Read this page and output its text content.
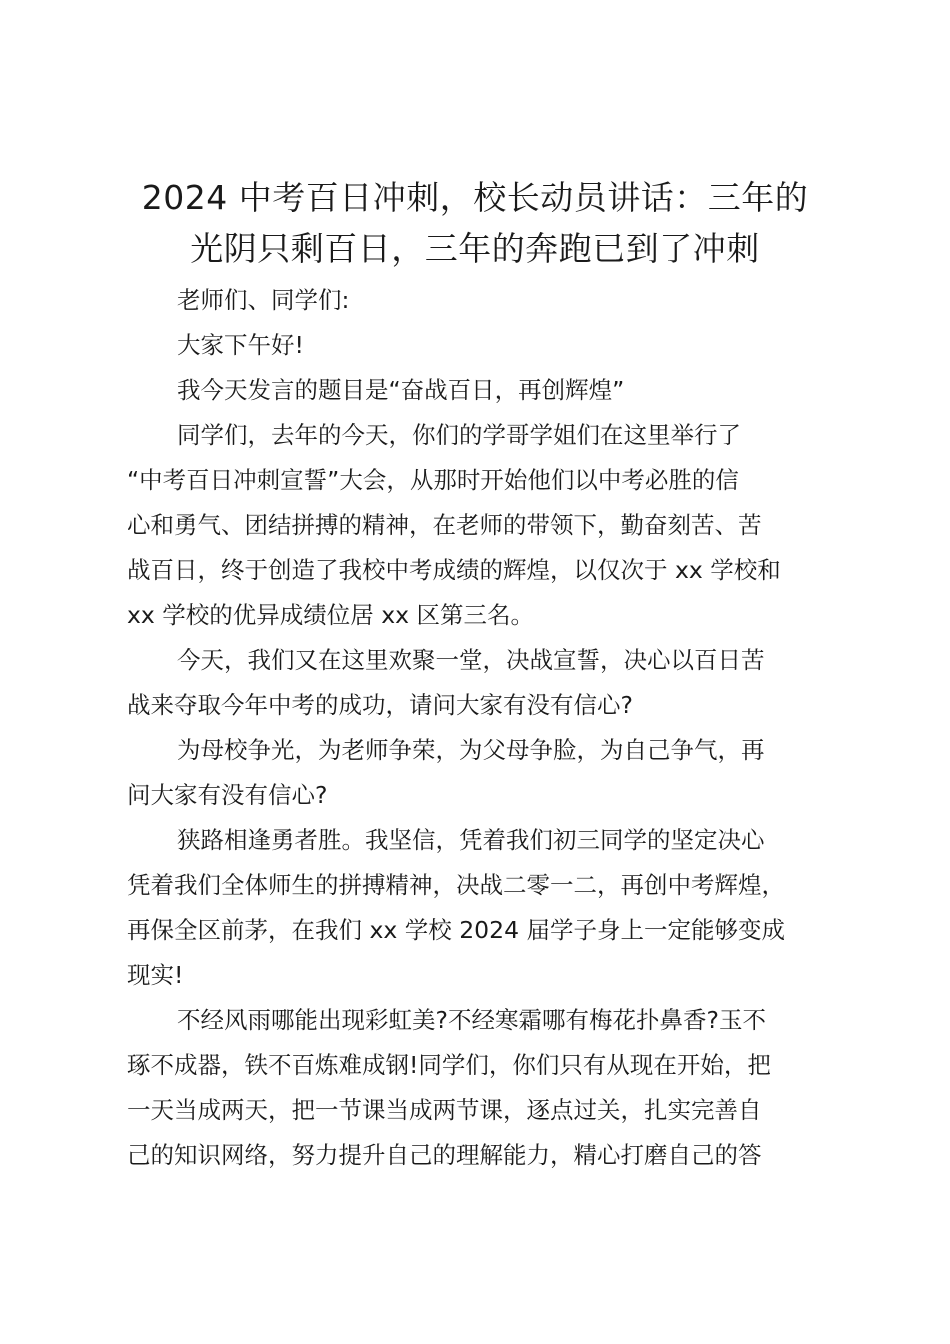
2024 中考百日冲刺，校长动员讲话：三年的
光阴只剩百日，三年的奔跑已到了冲刺
老师们、同学们:
大家下午好!
我今天发言的题目是“奋战百日，再创辉煌”
同学们，去年的今天，你们的学哥学姐们在这里举行了
“中考百日冲刺宣誓”大会，从那时开始他们以中考必胜的信
心和勇气、团结拼搏的精神，在老师的带领下，勤奋刻苦、苦
战百日，终于创造了我校中考成绩的辉煌，以仅次于 xx 学校和
xx 学校的优异成绩位居 xx 区第三名。
今天，我们又在这里欢聚一堂，决战宣誓，决心以百日苦
战来夺取今年中考的成功，请问大家有没有信心?
为母校争光，为老师争荣，为父母争脸，为自己争气，再
问大家有没有信心?
狭路相逢勇者胜。我坚信，凭着我们初三同学的坚定决心
凭着我们全体师生的拼搏精神，决战二零一二，再创中考辉煌，
再保全区前茅，在我们 xx 学校 2024 届学子身上一定能够变成
现实!
不经风雨哪能出现彩虹美?不经寒霜哪有梅花扑鼻香?玉不
琢不成器，铁不百炼难成钢!同学们，你们只有从现在开始，把
一天当成两天，把一节课当成两节课，逐点过关，扎实完善自
己的知识网络，努力提升自己的理解能力，精心打磨自己的答
